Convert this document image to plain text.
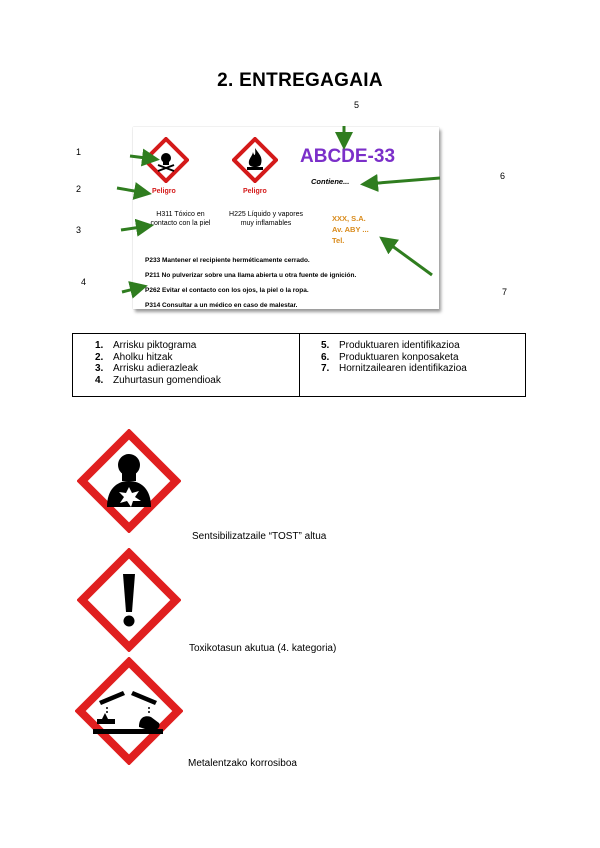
2. ENTREGAGAIA
5
1
2
3
4
6
7
ABCDE-33
Contiene...
Peligro	Peligro
H311 Tóxico en
contacto con la piel
H225 Líquido y vapores
muy inflamables
XXX, S.A.
Av. ABY ...
Tel.
P233 Mantener el recipiente herméticamente cerrado.
P211 No pulverizar sobre una llama abierta u otra fuente de ignición.
P262 Evitar el contacto con los ojos, la piel o la ropa.
P314 Consultar a un médico en caso de malestar.
1. Arrisku piktograma
2. Aholku hitzak
3. Arrisku adierazleak
4. Zuhurtasun gomendioak
5. Produktuaren identifikazioa
6. Produktuaren konposaketa
7. Hornitzailearen identifikazioa
Sentsibilizatzaile “TOST” altua
Toxikotasun akutua (4. kategoria)
Metalentzako korrosiboa
